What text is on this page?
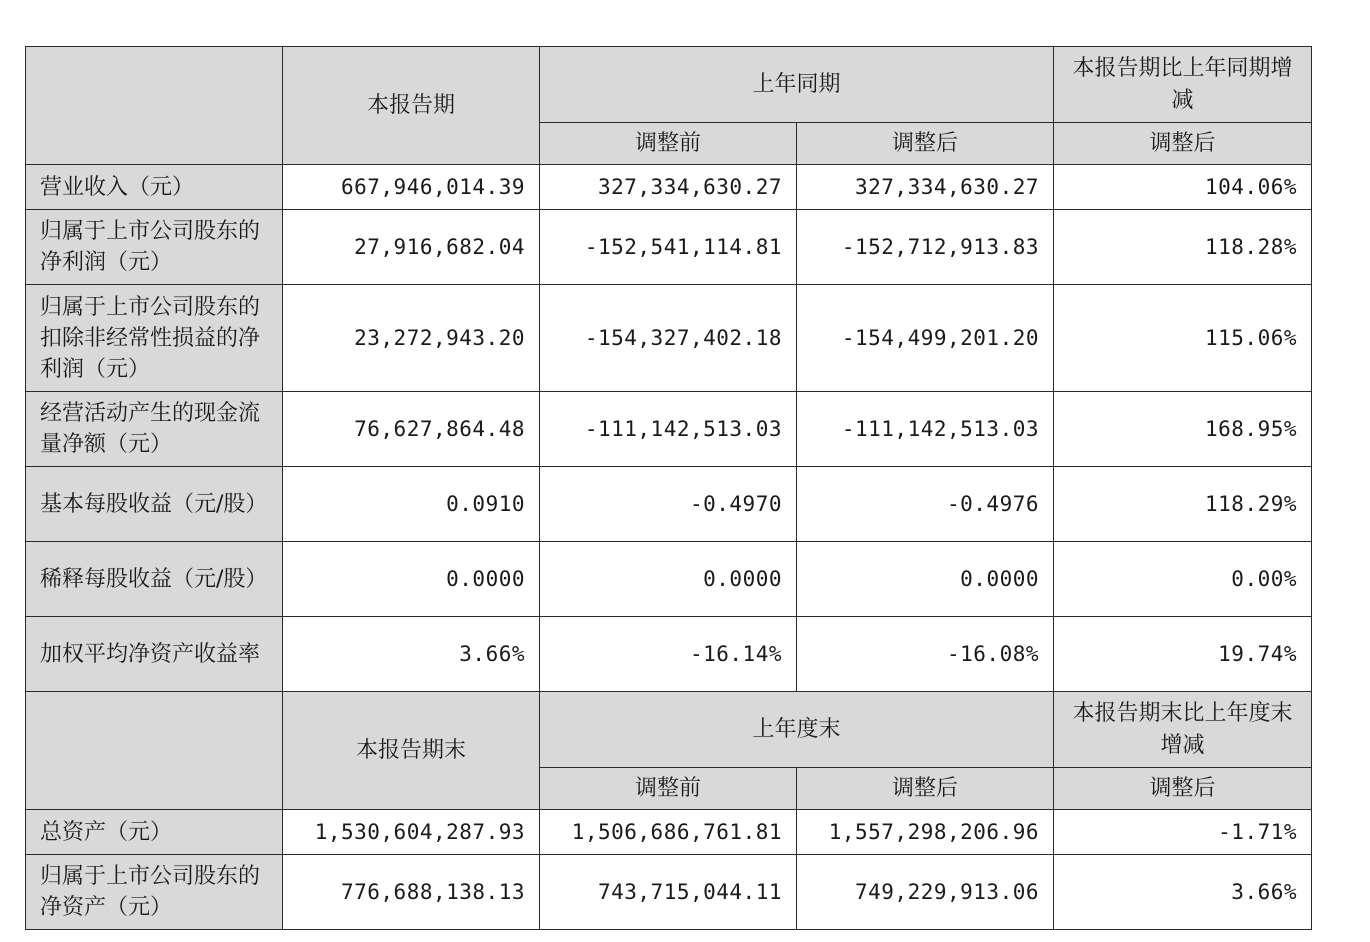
	本报告期	上年同期		本报告期比上年同期增减

		调整前	调整后	调整后
营业收入（元）	667,946,014.39	327,334,630.27	327,334,630.27	104.06%
归属于上市公司股东的净利润（元）	27,916,682.04	-152,541,114.81	-152,712,913.83	118.28%
归属于上市公司股东的扣除非经常性损益的净利润（元）	23,272,943.20	-154,327,402.18	-154,499,201.20	115.06%
经营活动产生的现金流量净额（元）	76,627,864.48	-111,142,513.03	-111,142,513.03	168.95%
基本每股收益（元/股）	0.0910	-0.4970	-0.4976	118.29%
稀释每股收益（元/股）	0.0000	0.0000	0.0000	0.00%
加权平均净资产收益率	3.66%	-16.14%	-16.08%	19.74%
	本报告期末	上年度末		本报告期末比上年度末增减

		调整前	调整后	调整后
总资产（元）	1,530,604,287.93	1,506,686,761.81	1,557,298,206.96	-1.71%
归属于上市公司股东的净资产（元）	776,688,138.13	743,715,044.11	749,229,913.06	3.66%
